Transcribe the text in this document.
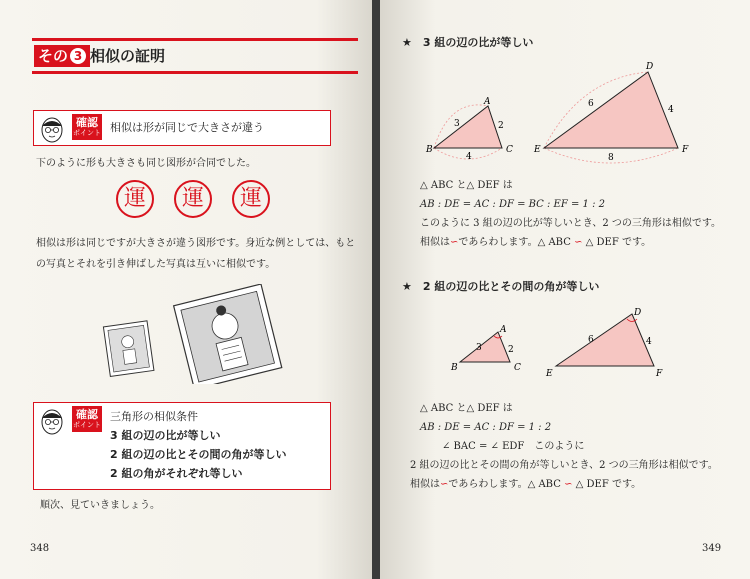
その 3 相似の証明
確認
ポイント 相似は形が同じで大きさが違う
下のように形も大きさも同じ図形が合同でした。
運	運	運
相似は形は同じですが大きさが違う図形です。身近な例としては、もと
の写真とそれを引き伸ばした写真は互いに相似です。
確認
ポイント
三角形の相似条件
3 組の辺の比が等しい
2 組の辺の比とその間の角が等しい
2 組の角がそれぞれ等しい
順次、見ていきましょう。
348
★　3 組の辺の比が等しい
B
A
C
3	2
4
E
D
F
6
4
8
△ ABC と△ DEF は
AB : DE = AC : DF = BC : EF = 1 : 2
このように 3 組の辺の比が等しいとき、2 つの三角形は相似です。
相似は∽であらわします。△ ABC ∽ △ DEF です。
★　2 組の辺の比とその間の角が等しい
B
A
C
3	2
E
D
F
6	4
△ ABC と△ DEF は
AB : DE = AC : DF = 1 : 2
∠ BAC = ∠ EDF　このように
2 組の辺の比とその間の角が等しいとき、2 つの三角形は相似です。
相似は∽であらわします。△ ABC ∽ △ DEF です。
349
